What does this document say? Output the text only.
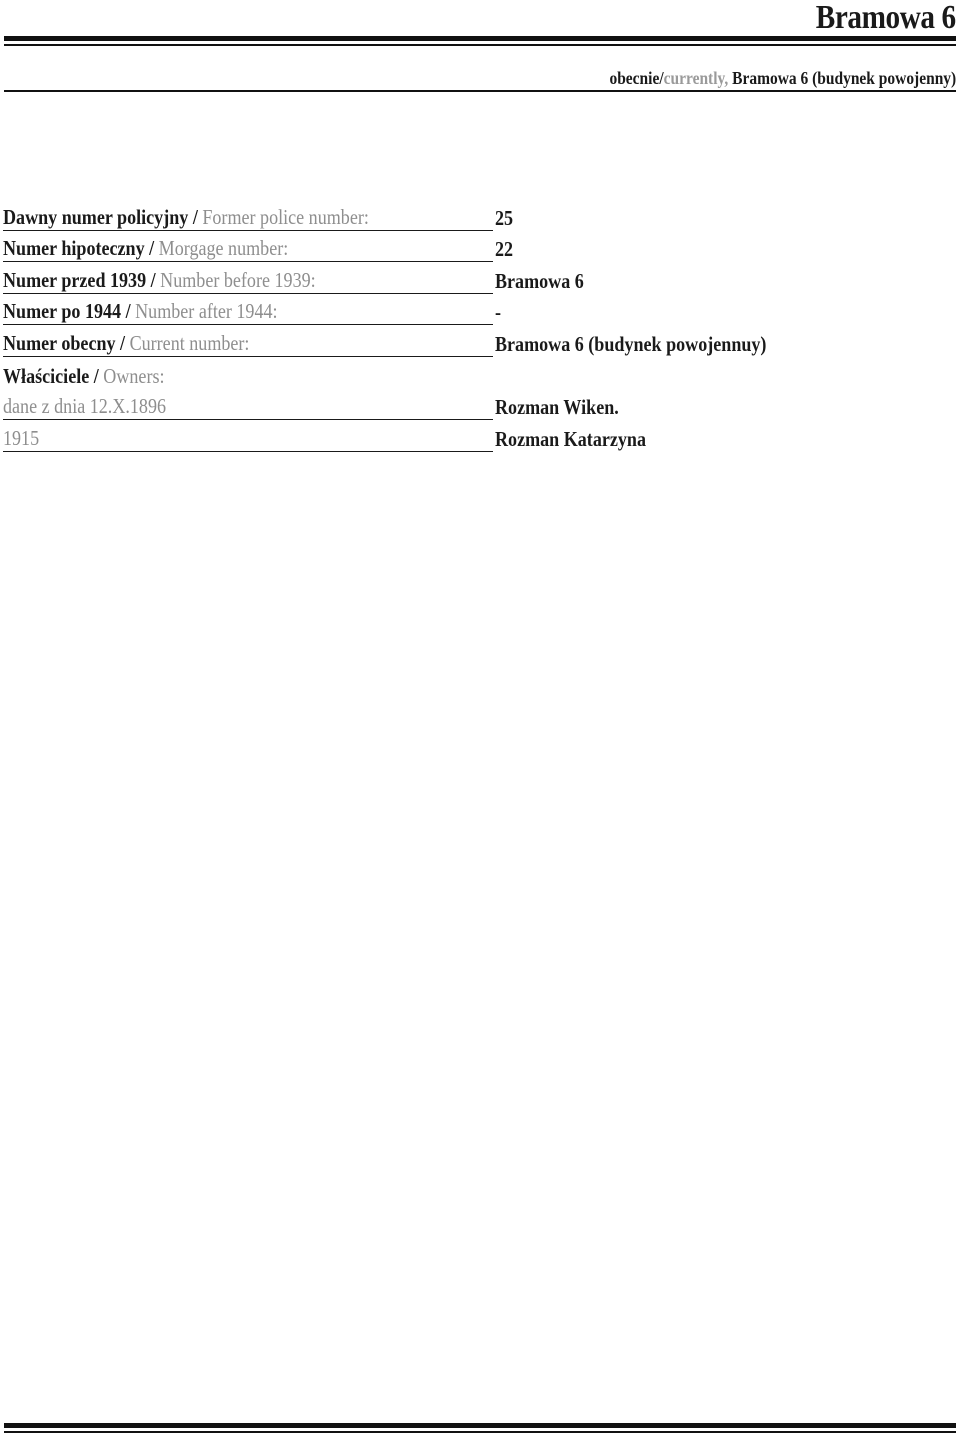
Bramowa 6
obecnie/currently, Bramowa 6 (budynek powojenny)
Dawny numer policyjny / Former police number:	25
Numer hipoteczny / Morgage number:	22
Numer przed 1939 / Number before 1939:	Bramowa 6
Numer po 1944 / Number after 1944:	-
Numer obecny / Current number:	Bramowa 6 (budynek powojennuy)
Właściciele / Owners:
dane z dnia 12.X.1896	Rozman Wiken.
1915	Rozman Katarzyna
